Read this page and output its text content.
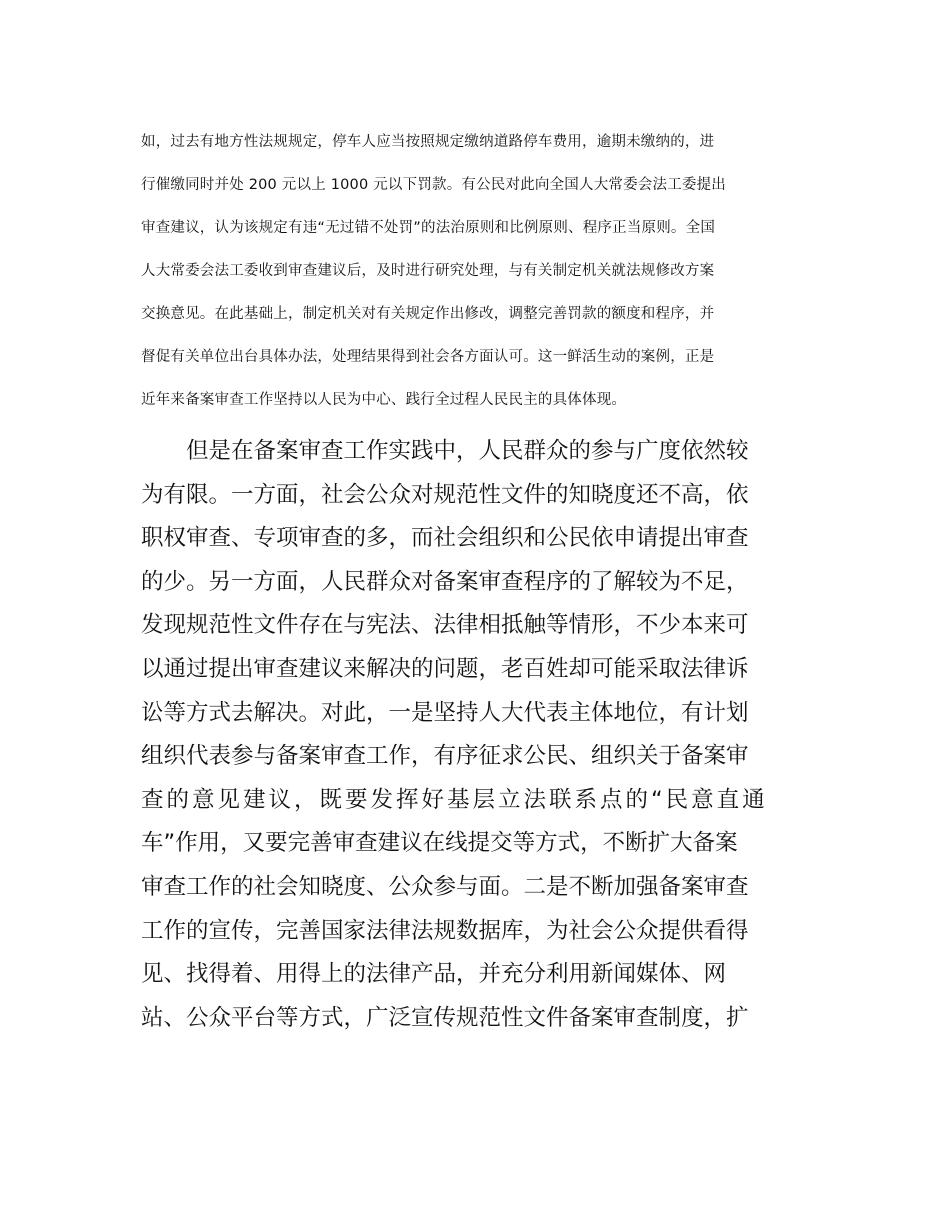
如，过去有地方性法规规定，停车人应当按照规定缴纳道路停车费用，逾期未缴纳的，进
行催缴同时并处 200 元以上 1000 元以下罚款。有公民对此向全国人大常委会法工委提出
审查建议，认为该规定有违“无过错不处罚”的法治原则和比例原则、程序正当原则。全国
人大常委会法工委收到审查建议后，及时进行研究处理，与有关制定机关就法规修改方案
交换意见。在此基础上，制定机关对有关规定作出修改，调整完善罚款的额度和程序，并
督促有关单位出台具体办法，处理结果得到社会各方面认可。这一鲜活生动的案例，正是
近年来备案审查工作坚持以人民为中心、践行全过程人民民主的具体体现。
　　但是在备案审查工作实践中，人民群众的参与广度依然较
为有限。一方面，社会公众对规范性文件的知晓度还不高，依
职权审查、专项审查的多，而社会组织和公民依申请提出审查
的少。另一方面，人民群众对备案审查程序的了解较为不足，
发现规范性文件存在与宪法、法律相抵触等情形，不少本来可
以通过提出审查建议来解决的问题，老百姓却可能采取法律诉
讼等方式去解决。对此，一是坚持人大代表主体地位，有计划
组织代表参与备案审查工作，有序征求公民、组织关于备案审
查的意见建议，既要发挥好基层立法联系点的“民意直通
车”作用，又要完善审查建议在线提交等方式，不断扩大备案
审查工作的社会知晓度、公众参与面。二是不断加强备案审查
工作的宣传，完善国家法律法规数据库，为社会公众提供看得
见、找得着、用得上的法律产品，并充分利用新闻媒体、网
站、公众平台等方式，广泛宣传规范性文件备案审查制度，扩
